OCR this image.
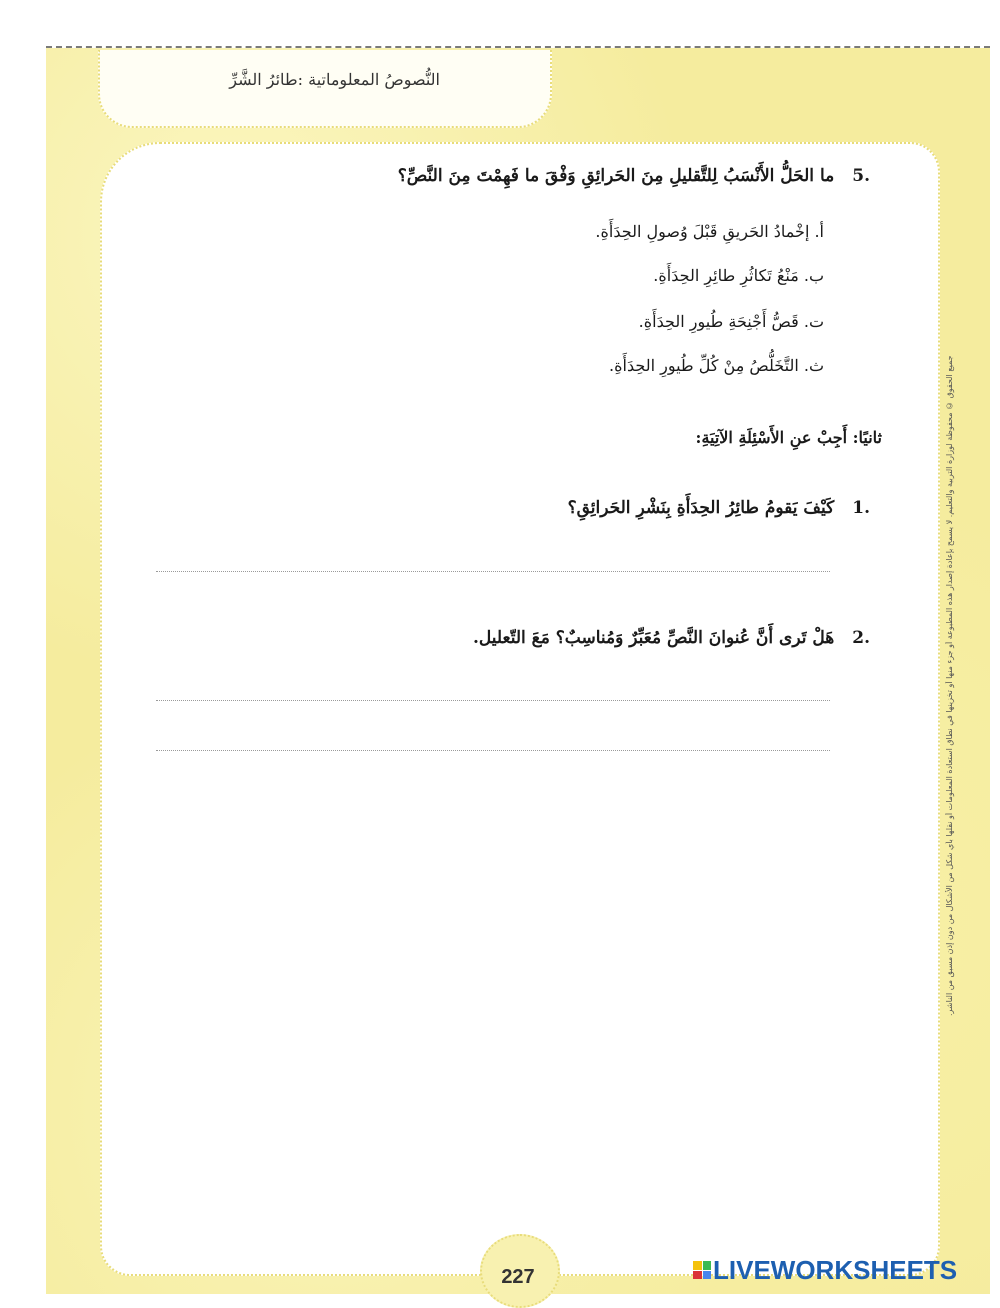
النُّصوصُ المعلوماتية :طائرُ الشَّرِّ
.5ما الحَلُّ الأَنْسَبُ لِلتَّقليلِ مِنَ الحَرائِقِ وَفْقَ ما فَهِمْتَ مِنَ النَّصِّ؟
أ. إخْمادُ الحَريقِ قَبْلَ وُصولِ الحِدَأَةِ.
ب. مَنْعُ تَكاثُرِ طائِرِ الحِدَأَةِ.
ت. قَصُّ أَجْنِحَةِ طُيورِ الحِدَأَةِ.
ث. التَّخَلُّصُ مِنْ كُلِّ طُيورِ الحِدَأَةِ.
ثانيًا: أَجِبْ عنِ الأَسْئِلَةِ الآتِيَةِ:
.1كَيْفَ يَقومُ طائِرُ الحِدَأَةِ بِنَشْرِ الحَرائِقِ؟
.2هَلْ تَرى أَنَّ عُنوانَ النَّصِّ مُعَبِّرٌ وَمُناسِبٌ؟ مَعَ التّعليل.	جميع الحقوق © محفوظة لوزارة التربية والتعليم. لا يسمح بإعادة إصدار هذه المطبوعة أو جزء منها أو تخزينها في نطاق استعادة المعلومات أو نقلها بأي شكل من الأشكال من دون إذن مسبق من الناشر.
227	LIVEWORKSHEETS
